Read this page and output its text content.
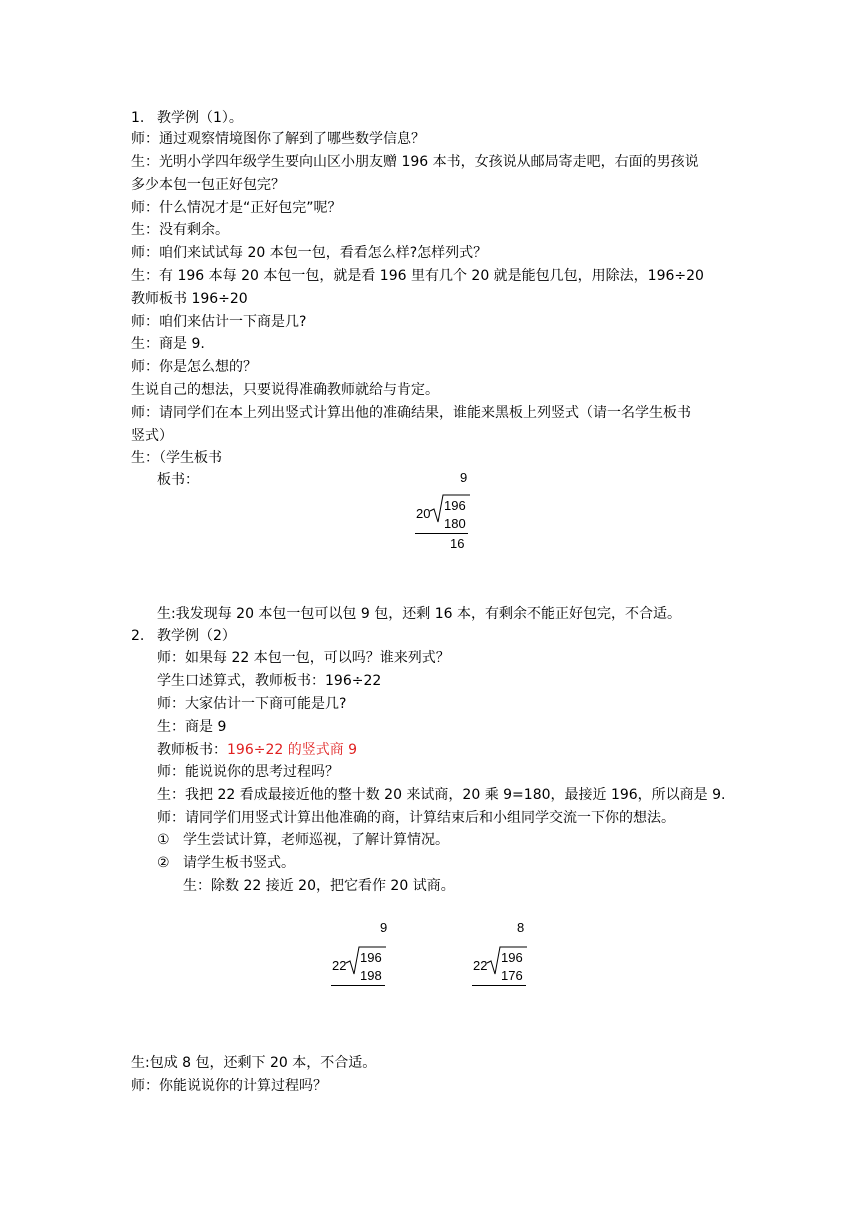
1. 教学例（1）。
师：通过观察情境图你了解到了哪些数学信息？
生：光明小学四年级学生要向山区小朋友赠 196 本书，女孩说从邮局寄走吧，右面的男孩说
多少本包一包正好包完？
师：什么情况才是“正好包完”呢？
生：没有剩余。
师：咱们来试试每 20 本包一包，看看怎么样?怎样列式？
生：有 196 本每 20 本包一包，就是看 196 里有几个 20 就是能包几包，用除法，196÷20
教师板书 196÷20
师：咱们来估计一下商是几?
生：商是 9.
师：你是怎么想的？
生说自己的想法，只要说得准确教师就给与肯定。
师：请同学们在本上列出竖式计算出他的准确结果，谁能来黑板上列竖式（请一名学生板书
竖式）
生：（学生板书
板书：	9
20
196
180
16
生:我发现每 20 本包一包可以包 9 包，还剩 16 本，有剩余不能正好包完，不合适。
2. 教学例（2）
师：如果每 22 本包一包，可以吗？谁来列式？
学生口述算式，教师板书：196÷22
师：大家估计一下商可能是几?
生：商是 9
教师板书：196÷22 的竖式商 9
师：能说说你的思考过程吗？
生：我把 22 看成最接近他的整十数 20 来试商，20 乘 9=180，最接近 196，所以商是 9.
师：请同学们用竖式计算出他准确的商，计算结束后和小组同学交流一下你的想法。
① 学生尝试计算，老师巡视，了解计算情况。
② 请学生板书竖式。
生：除数 22 接近 20，把它看作 20 试商。
9
22
196
198
8
22
196
176
生:包成 8 包，还剩下 20 本，不合适。
师：你能说说你的计算过程吗？
